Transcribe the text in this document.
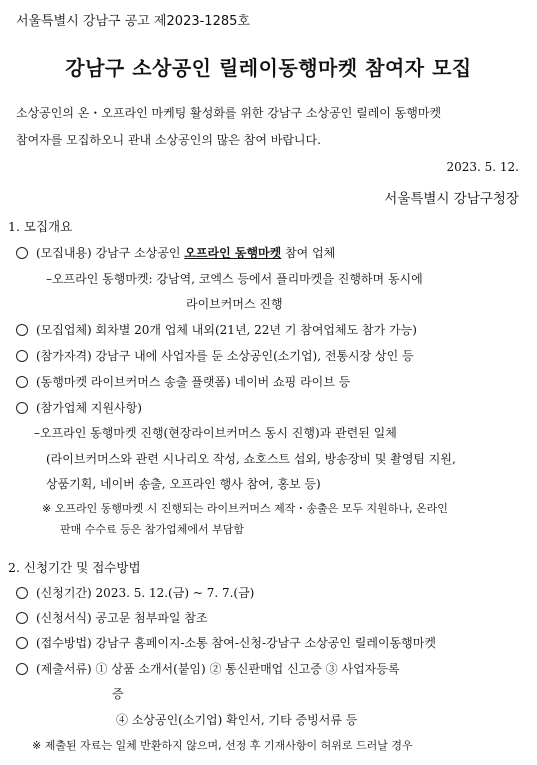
서울특별시 강남구 공고 제2023-1285호
강남구 소상공인 릴레이동행마켓 참여자 모집
소상공인의 온・오프라인 마케팅 활성화를 위한 강남구 소상공인 릴레이 동행마켓
참여자를 모집하오니 관내 소상공인의 많은 참여 바랍니다.
2023. 5. 12.
서울특별시 강남구청장
1. 모집개요
(모집내용) 강남구 소상공인 오프라인 동행마켓 참여 업체
–오프라인 동행마켓: 강남역, 코엑스 등에서 플리마켓을 진행하며 동시에
라이브커머스 진행
(모집업체) 회차별 20개 업체 내외(21년, 22년 기 참여업체도 참가 가능)
(참가자격) 강남구 내에 사업자를 둔 소상공인(소기업), 전통시장 상인 등
(동행마켓 라이브커머스 송출 플랫폼) 네이버 쇼핑 라이브 등
(참가업체 지원사항)
–오프라인 동행마켓 진행(현장라이브커머스 동시 진행)과 관련된 일체
(라이브커머스와 관련 시나리오 작성, 쇼호스트 섭외, 방송장비 및 촬영팀 지원,
상품기획, 네이버 송출, 오프라인 행사 참여, 홍보 등)
※ 오프라인 동행마켓 시 진행되는 라이브커머스 제작・송출은 모두 지원하나, 온라인
판매 수수료 등은 참가업체에서 부담함
2. 신청기간 및 접수방법
(신청기간) 2023. 5. 12.(금) ~ 7. 7.(금)
(신청서식) 공고문 첨부파일 참조
(접수방법) 강남구 홈페이지-소통 참여-신청-강남구 소상공인 릴레이동행마켓
(제출서류) ① 상품 소개서(붙임) ② 통신판매업 신고증 ③ 사업자등록
증
④ 소상공인(소기업) 확인서, 기타 증빙서류 등
※ 제출된 자료는 일체 반환하지 않으며, 선정 후 기재사항이 허위로 드러날 경우
